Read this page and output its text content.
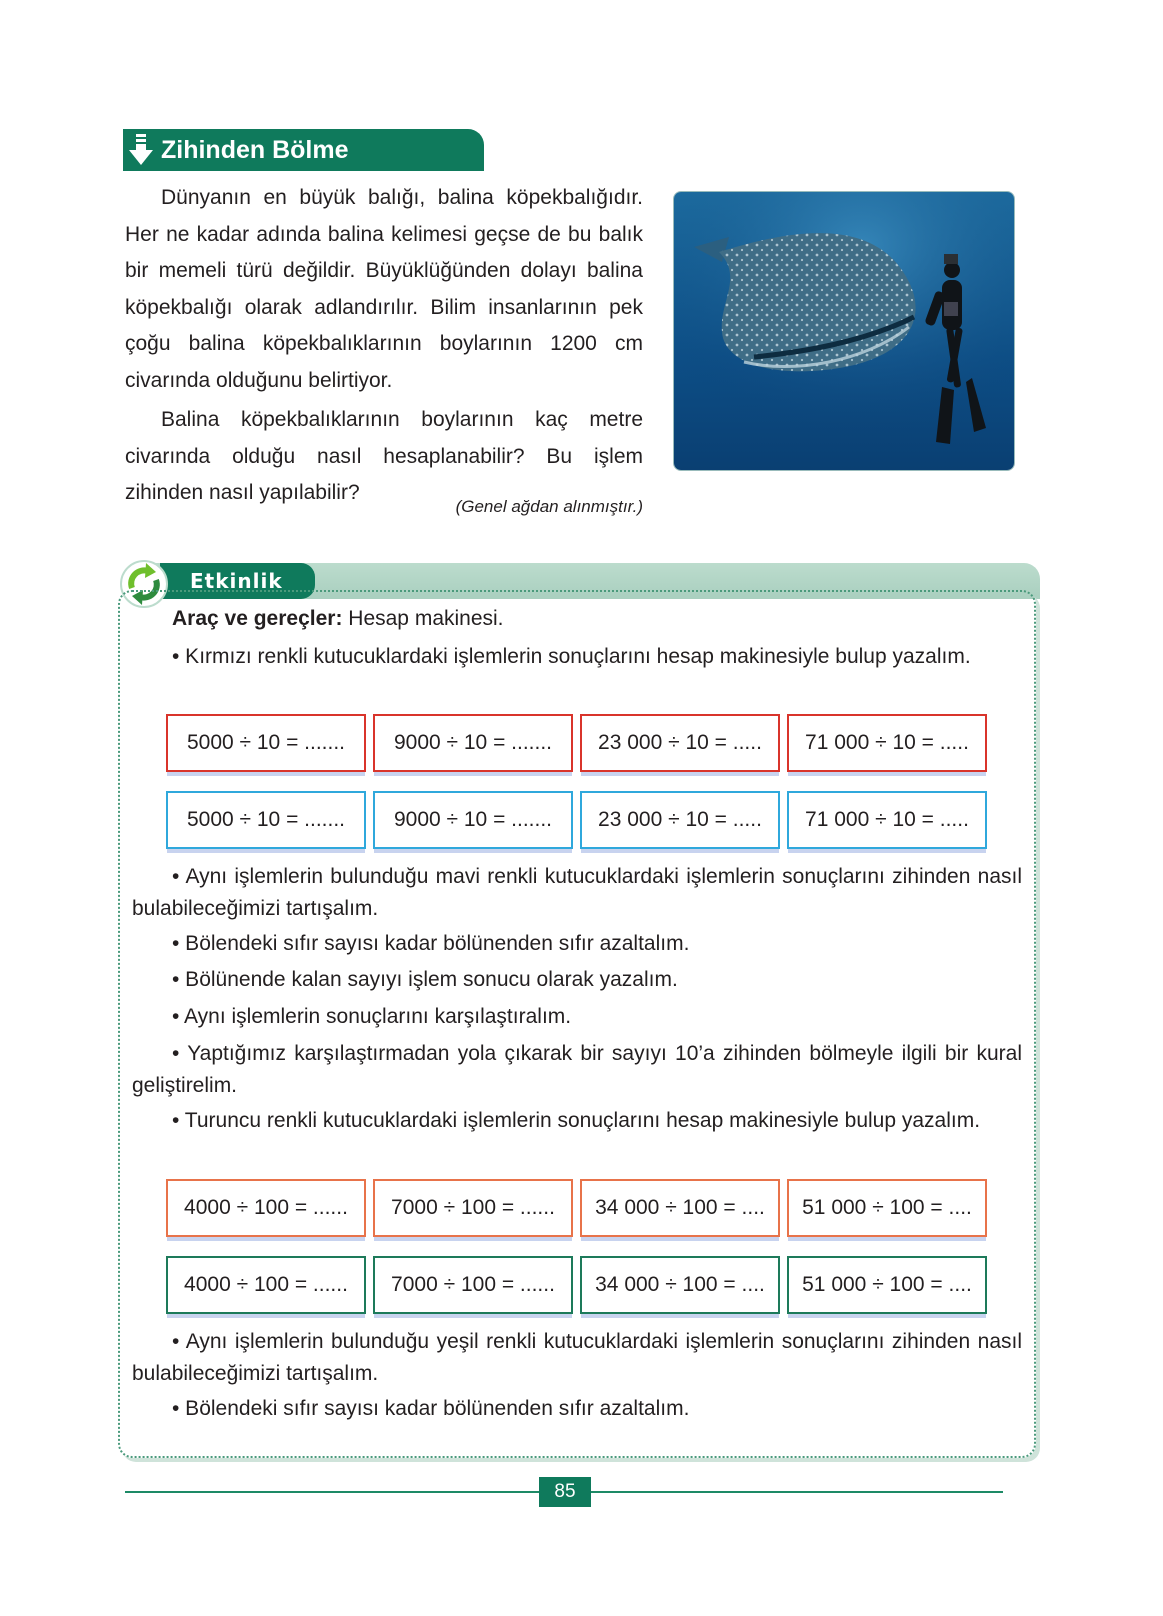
Zihinden Bölme

Dünyanın en büyük balığı, balina köpekbalığıdır. Her ne kadar adında balina kelimesi geçse de bu balık bir memeli türü değildir. Büyüklüğünden dolayı balina köpekbalığı olarak adlandırılır. Bilim insanlarının pek çoğu balina köpekbalıklarının boylarının 1200 cm civarında olduğunu belirtiyor.

Balina köpekbalıklarının boylarının kaç metre civarında olduğu nasıl hesaplanabilir? Bu işlem zihinden nasıl yapılabilir?

(Genel ağdan alınmıştır.)
Etkinlik
Araç ve gereçler: Hesap makinesi.
• Kırmızı renkli kutucuklardaki işlemlerin sonuçlarını hesap makinesiyle bulup yazalım.
5000 ÷ 10 = .......	9000 ÷ 10 = .......	23 000 ÷ 10 = .....	71 000 ÷ 10 = .....
5000 ÷ 10 = .......	9000 ÷ 10 = .......	23 000 ÷ 10 = .....	71 000 ÷ 10 = .....
• Aynı işlemlerin bulunduğu mavi renkli kutucuklardaki işlemlerin sonuçlarını zihinden nasıl bulabileceğimizi tartışalım.
• Bölendeki sıfır sayısı kadar bölünenden sıfır azaltalım.
• Bölünende kalan sayıyı işlem sonucu olarak yazalım.
• Aynı işlemlerin sonuçlarını karşılaştıralım.
• Yaptığımız karşılaştırmadan yola çıkarak bir sayıyı 10’a zihinden bölmeyle ilgili bir kural geliştirelim.
• Turuncu renkli kutucuklardaki işlemlerin sonuçlarını hesap makinesiyle bulup yazalım.
4000 ÷ 100 = ......	7000 ÷ 100 = ......	34 000 ÷ 100 = ....	51 000 ÷ 100 = ....
4000 ÷ 100 = ......	7000 ÷ 100 = ......	34 000 ÷ 100 = ....	51 000 ÷ 100 = ....
• Aynı işlemlerin bulunduğu yeşil renkli kutucuklardaki işlemlerin sonuçlarını zihinden nasıl bulabileceğimizi tartışalım.
• Bölendeki sıfır sayısı kadar bölünenden sıfır azaltalım.
85
